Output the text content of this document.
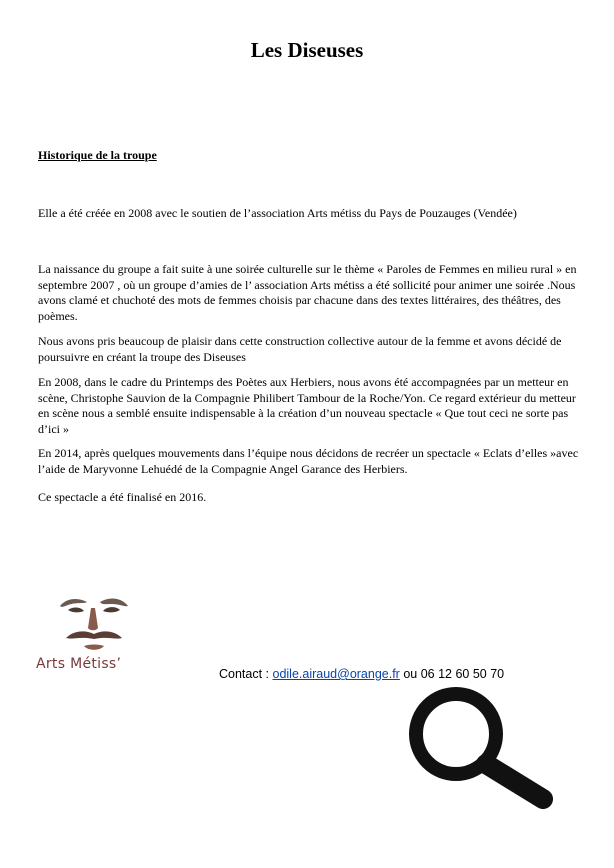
Les Diseuses
Historique de la troupe

Elle a été créée en 2008 avec le soutien de l’association Arts métiss du Pays de Pouzauges (Vendée)

La naissance du groupe a fait suite à une soirée culturelle sur le thème « Paroles de Femmes en milieu rural » en septembre 2007 , où un groupe d’amies de l’ association Arts métiss a été sollicité pour animer une soirée .Nous avons clamé et chuchoté des mots de femmes choisis par chacune dans des textes littéraires, des théâtres, des poèmes.

Nous avons pris beaucoup de plaisir dans cette construction collective autour de la femme et avons décidé de poursuivre en créant la troupe des Diseuses

En 2008, dans le cadre du Printemps des Poètes aux Herbiers, nous avons été accompagnées par un metteur en scène, Christophe Sauvion de la Compagnie Philibert Tambour de la Roche/Yon. Ce regard extérieur du metteur en scène nous a semblé ensuite indispensable à la création d’un nouveau spectacle « Que tout ceci ne sorte pas d’ici »

En 2014, après quelques mouvements dans l’équipe nous décidons de recréer un spectacle « Eclats d’elles »avec l’aide de Maryvonne Lehuédé de la Compagnie Angel Garance des Herbiers.

Ce spectacle a été finalisé en 2016.

Arts Métiss’
Contact : odile.airaud@orange.fr ou 06 12 60 50 70
